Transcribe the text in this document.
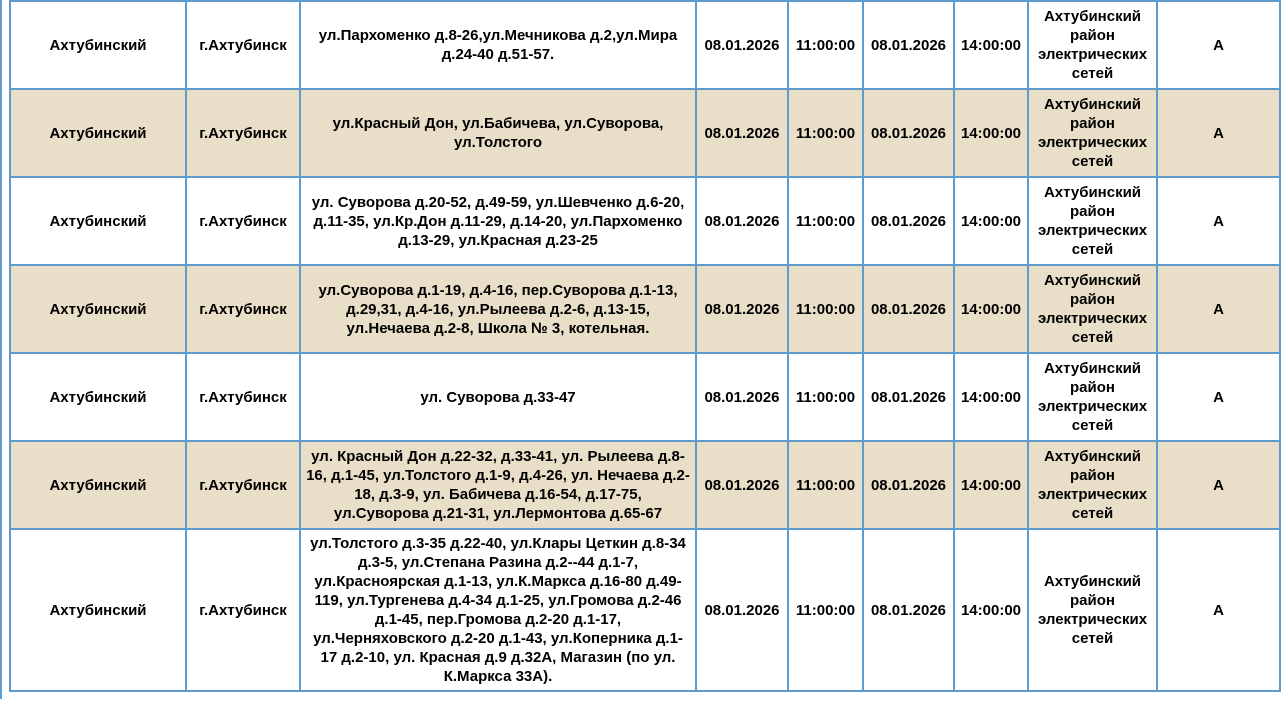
Ахтубинский	г.Ахтубинск	ул.Пархоменко д.8-26,ул.Мечникова д.2,ул.Мира д.24-40 д.51-57.	08.01.2026	11:00:00	08.01.2026	14:00:00	Ахтубинский район электрических сетей	А
Ахтубинский	г.Ахтубинск	ул.Красный Дон, ул.Бабичева, ул.Суворова, ул.Толстого	08.01.2026	11:00:00	08.01.2026	14:00:00	Ахтубинский район электрических сетей	А
Ахтубинский	г.Ахтубинск	ул. Суворова д.20-52, д.49-59, ул.Шевченко д.6-20, д.11-35, ул.Кр.Дон д.11-29, д.14-20, ул.Пархоменко д.13-29, ул.Красная д.23-25	08.01.2026	11:00:00	08.01.2026	14:00:00	Ахтубинский район электрических сетей	А
Ахтубинский	г.Ахтубинск	ул.Суворова д.1-19, д.4-16, пер.Суворова д.1-13, д.29,31, д.4-16, ул.Рылеева д.2-6, д.13-15, ул.Нечаева д.2-8, Школа № 3, котельная.	08.01.2026	11:00:00	08.01.2026	14:00:00	Ахтубинский район электрических сетей	А
Ахтубинский	г.Ахтубинск	ул. Суворова д.33-47	08.01.2026	11:00:00	08.01.2026	14:00:00	Ахтубинский район электрических сетей	А
Ахтубинский	г.Ахтубинск	ул. Красный Дон д.22-32, д.33-41, ул. Рылеева д.8-16, д.1-45, ул.Толстого д.1-9, д.4-26, ул. Нечаева д.2-18, д.3-9, ул. Бабичева д.16-54, д.17-75, ул.Суворова д.21-31, ул.Лермонтова д.65-67	08.01.2026	11:00:00	08.01.2026	14:00:00	Ахтубинский район электрических сетей	А
Ахтубинский	г.Ахтубинск	ул.Толстого д.3-35 д.22-40, ул.Клары Цеткин д.8-34 д.3-5, ул.Степана Разина д.2--44 д.1-7, ул.Красноярская д.1-13, ул.К.Маркса д.16-80 д.49-119, ул.Тургенева д.4-34 д.1-25, ул.Громова д.2-46 д.1-45, пер.Громова д.2-20 д.1-17, ул.Черняховского д.2-20 д.1-43, ул.Коперника д.1-17 д.2-10, ул. Красная д.9 д.32А, Магазин (по ул. К.Маркса 33А).	08.01.2026	11:00:00	08.01.2026	14:00:00	Ахтубинский район электрических сетей	А
